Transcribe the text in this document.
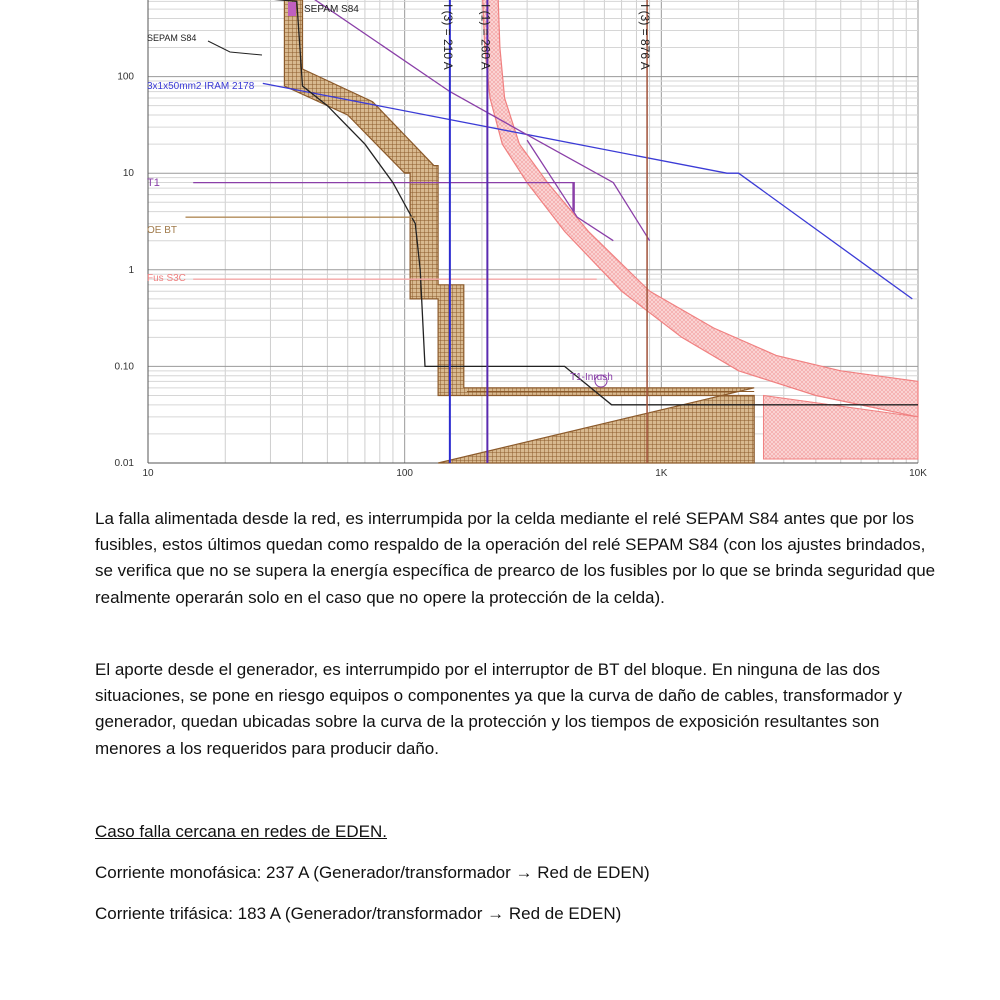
10	100	1K	10K
100
10
1
0.10
0.01
I (3) = 210 A I (1) = 260 A	I (3) = 876 A
SEPAM S84
SEPAM S84
3x1x50mm2 IRAM 2178
T1
OE BT
Fus S3C
T1-Inrush

La falla alimentada desde la red, es interrumpida por la celda mediante el relé SEPAM S84 antes que por los fusibles, estos últimos quedan como respaldo de la operación del relé SEPAM S84 (con los ajustes brindados, se verifica que no se supera la energía específica de prearco de los fusibles por lo que se brinda seguridad que realmente operarán solo en el caso que no opere la protección de la celda).

El aporte desde el generador, es interrumpido por el interruptor de BT del bloque. En ninguna de las dos situaciones, se pone en riesgo equipos o componentes ya que la curva de daño de cables, transformador y generador, quedan ubicadas sobre la curva de la protección y los tiempos de exposición resultantes son menores a los requeridos para producir daño.

Caso falla cercana en redes de EDEN.

Corriente monofásica: 237 A (Generador/transformador → Red de EDEN)

Corriente trifásica: 183 A (Generador/transformador → Red de EDEN)
